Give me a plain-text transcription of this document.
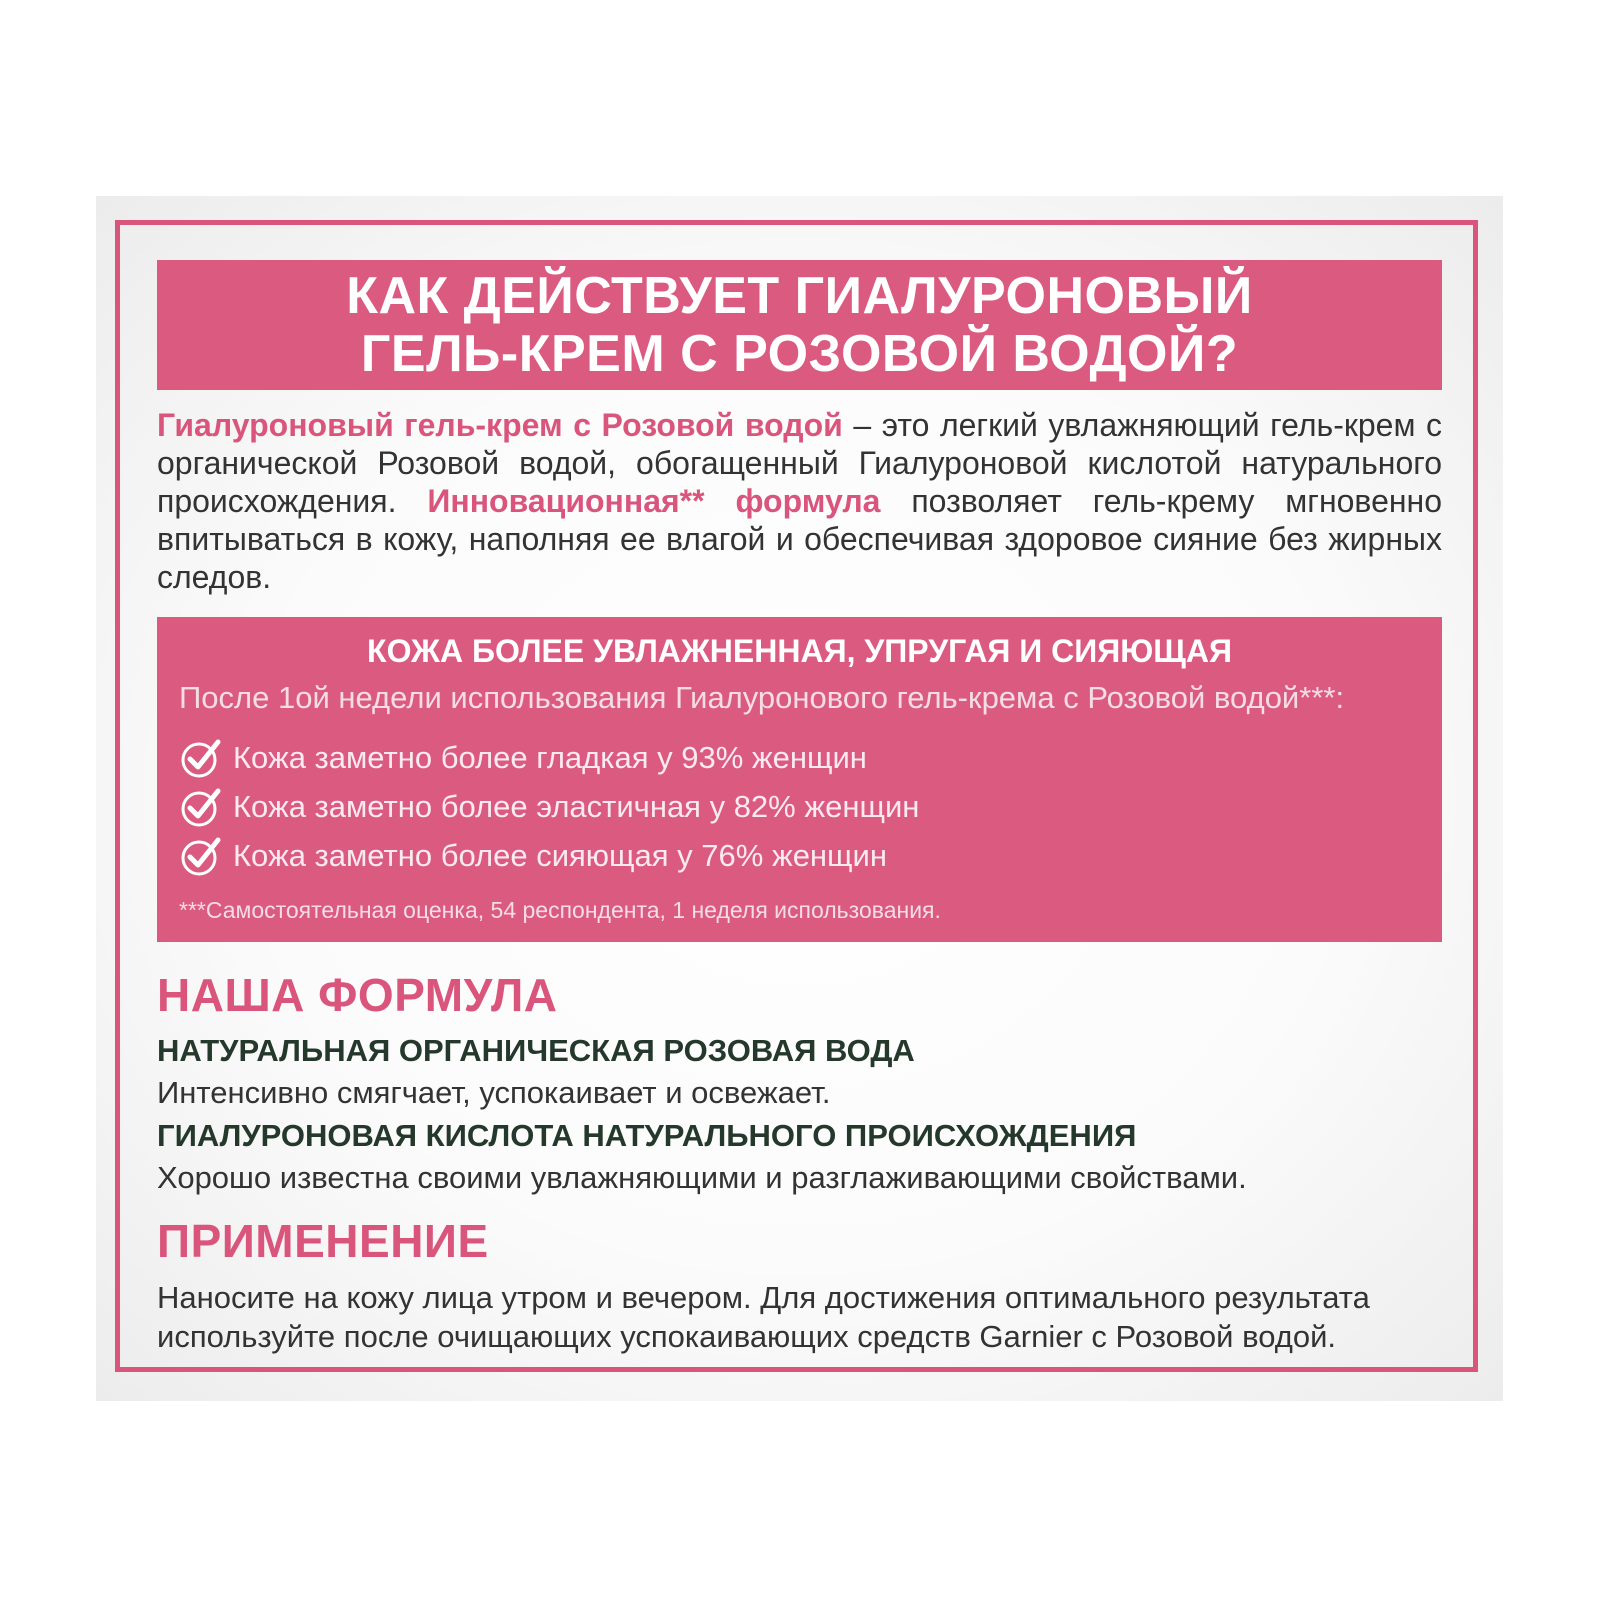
КАК ДЕЙСТВУЕТ ГИАЛУРОНОВЫЙ
ГЕЛЬ-КРЕМ С РОЗОВОЙ ВОДОЙ?

Гиалуроновый гель-крем с Розовой водой – это легкий увлажняющий гель-крем с органической Розовой водой, обогащенный Гиалуроновой кислотой натурального происхождения. Инновационная** формула позволяет гель-крему мгновенно впитываться в кожу, наполняя ее влагой и обеспечивая здоровое сияние без жирных следов.

КОЖА БОЛЕЕ УВЛАЖНЕННАЯ, УПРУГАЯ И СИЯЮЩАЯ
После 1ой недели использования Гиалуронового гель-крема с Розовой водой***:
Кожа заметно более гладкая у 93% женщин
Кожа заметно более эластичная у 82% женщин
Кожа заметно более сияющая у 76% женщин
***Самостоятельная оценка, 54 респондента, 1 неделя использования.
НАША ФОРМУЛА
НАТУРАЛЬНАЯ ОРГАНИЧЕСКАЯ РОЗОВАЯ ВОДА
Интенсивно смягчает, успокаивает и освежает.
ГИАЛУРОНОВАЯ КИСЛОТА НАТУРАЛЬНОГО ПРОИСХОЖДЕНИЯ
Хорошо известна своими увлажняющими и разглаживающими свойствами.
ПРИМЕНЕНИЕ
Наносите на кожу лица утром и вечером. Для достижения оптимального результата используйте после очищающих успокаивающих средств Garnier с Розовой водой.
